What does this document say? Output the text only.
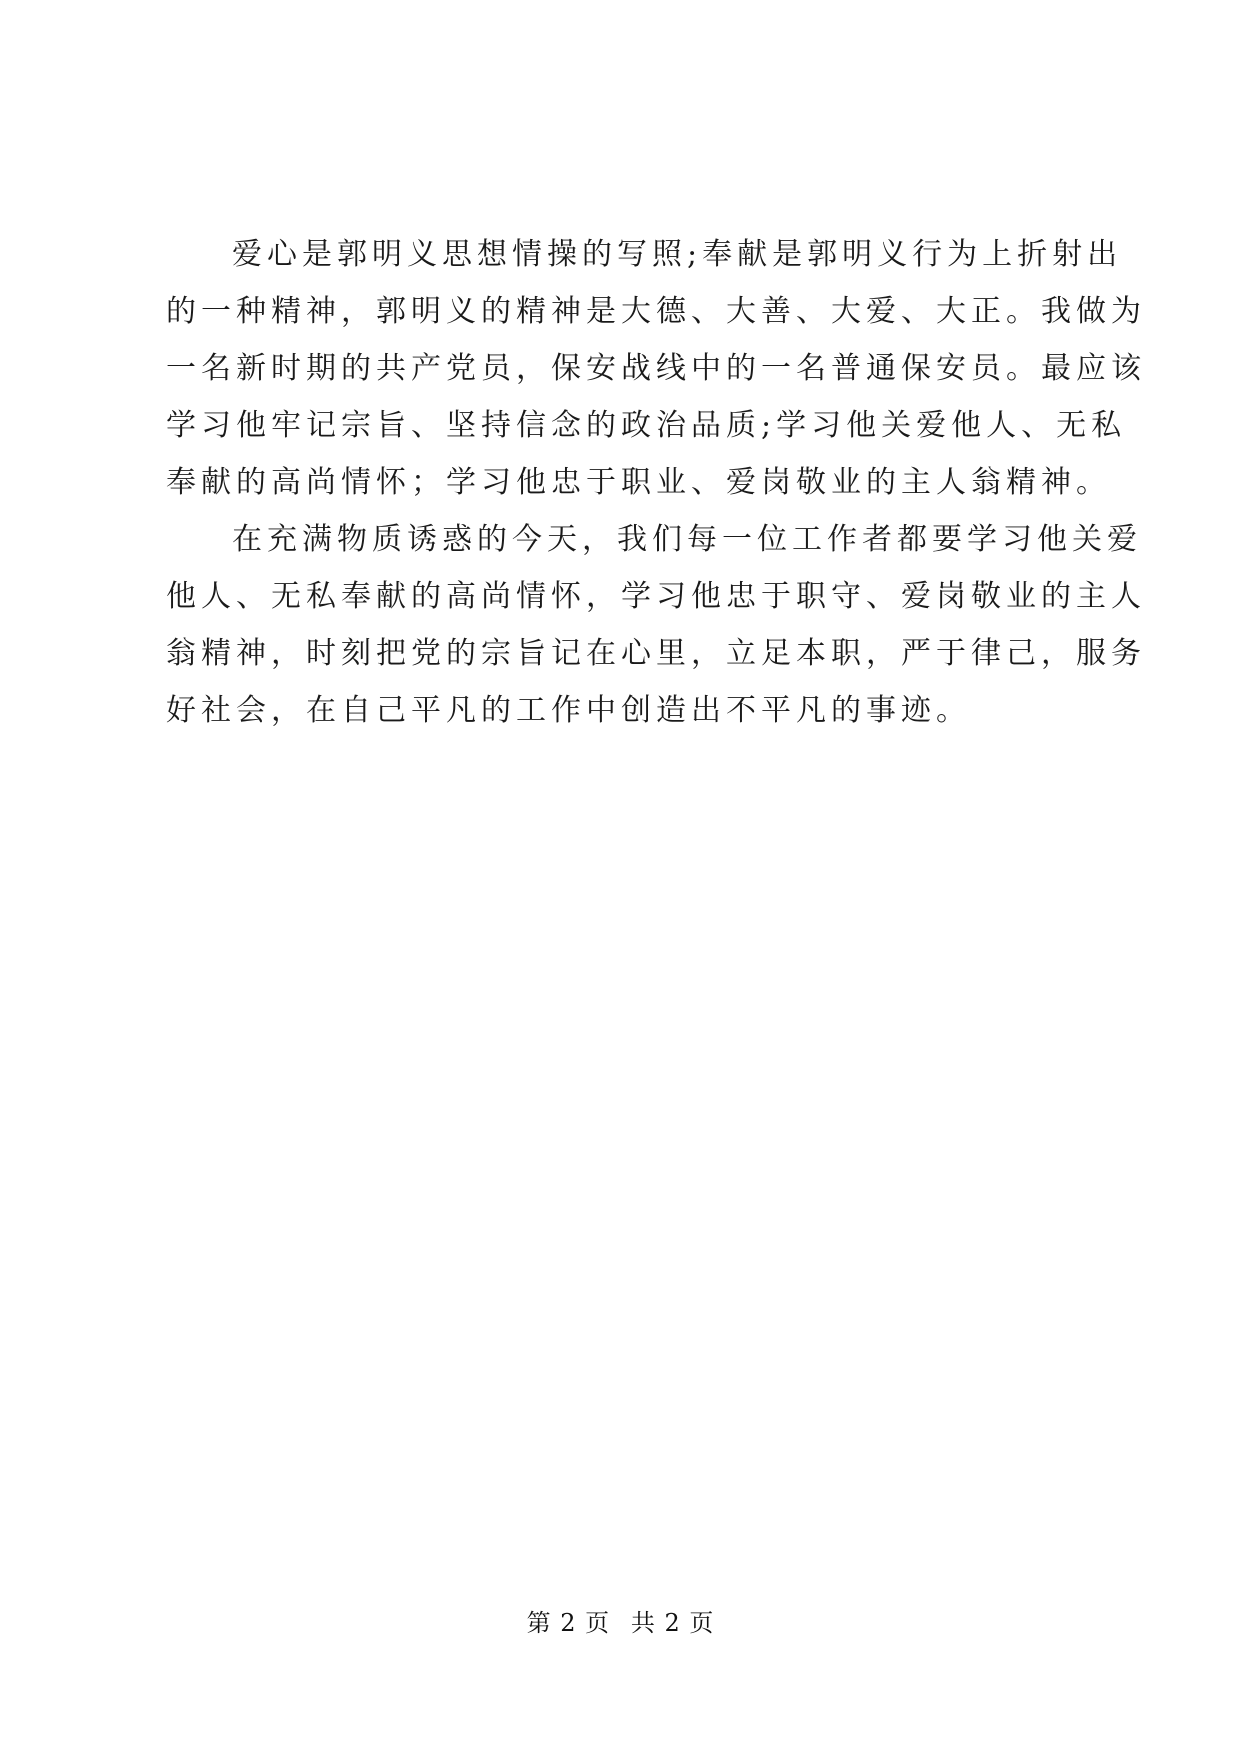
爱心是郭明义思想情操的写照;奉献是郭明义行为上折射出
的一种精神，郭明义的精神是大德、大善、大爱、大正。我做为
一名新时期的共产党员，保安战线中的一名普通保安员。最应该
学习他牢记宗旨、坚持信念的政治品质;学习他关爱他人、无私
奉献的高尚情怀；学习他忠于职业、爱岗敬业的主人翁精神。
在充满物质诱惑的今天，我们每一位工作者都要学习他关爱
他人、无私奉献的高尚情怀，学习他忠于职守、爱岗敬业的主人
翁精神，时刻把党的宗旨记在心里，立足本职，严于律己，服务
好社会，在自己平凡的工作中创造出不平凡的事迹。
第 2 页 共 2 页
